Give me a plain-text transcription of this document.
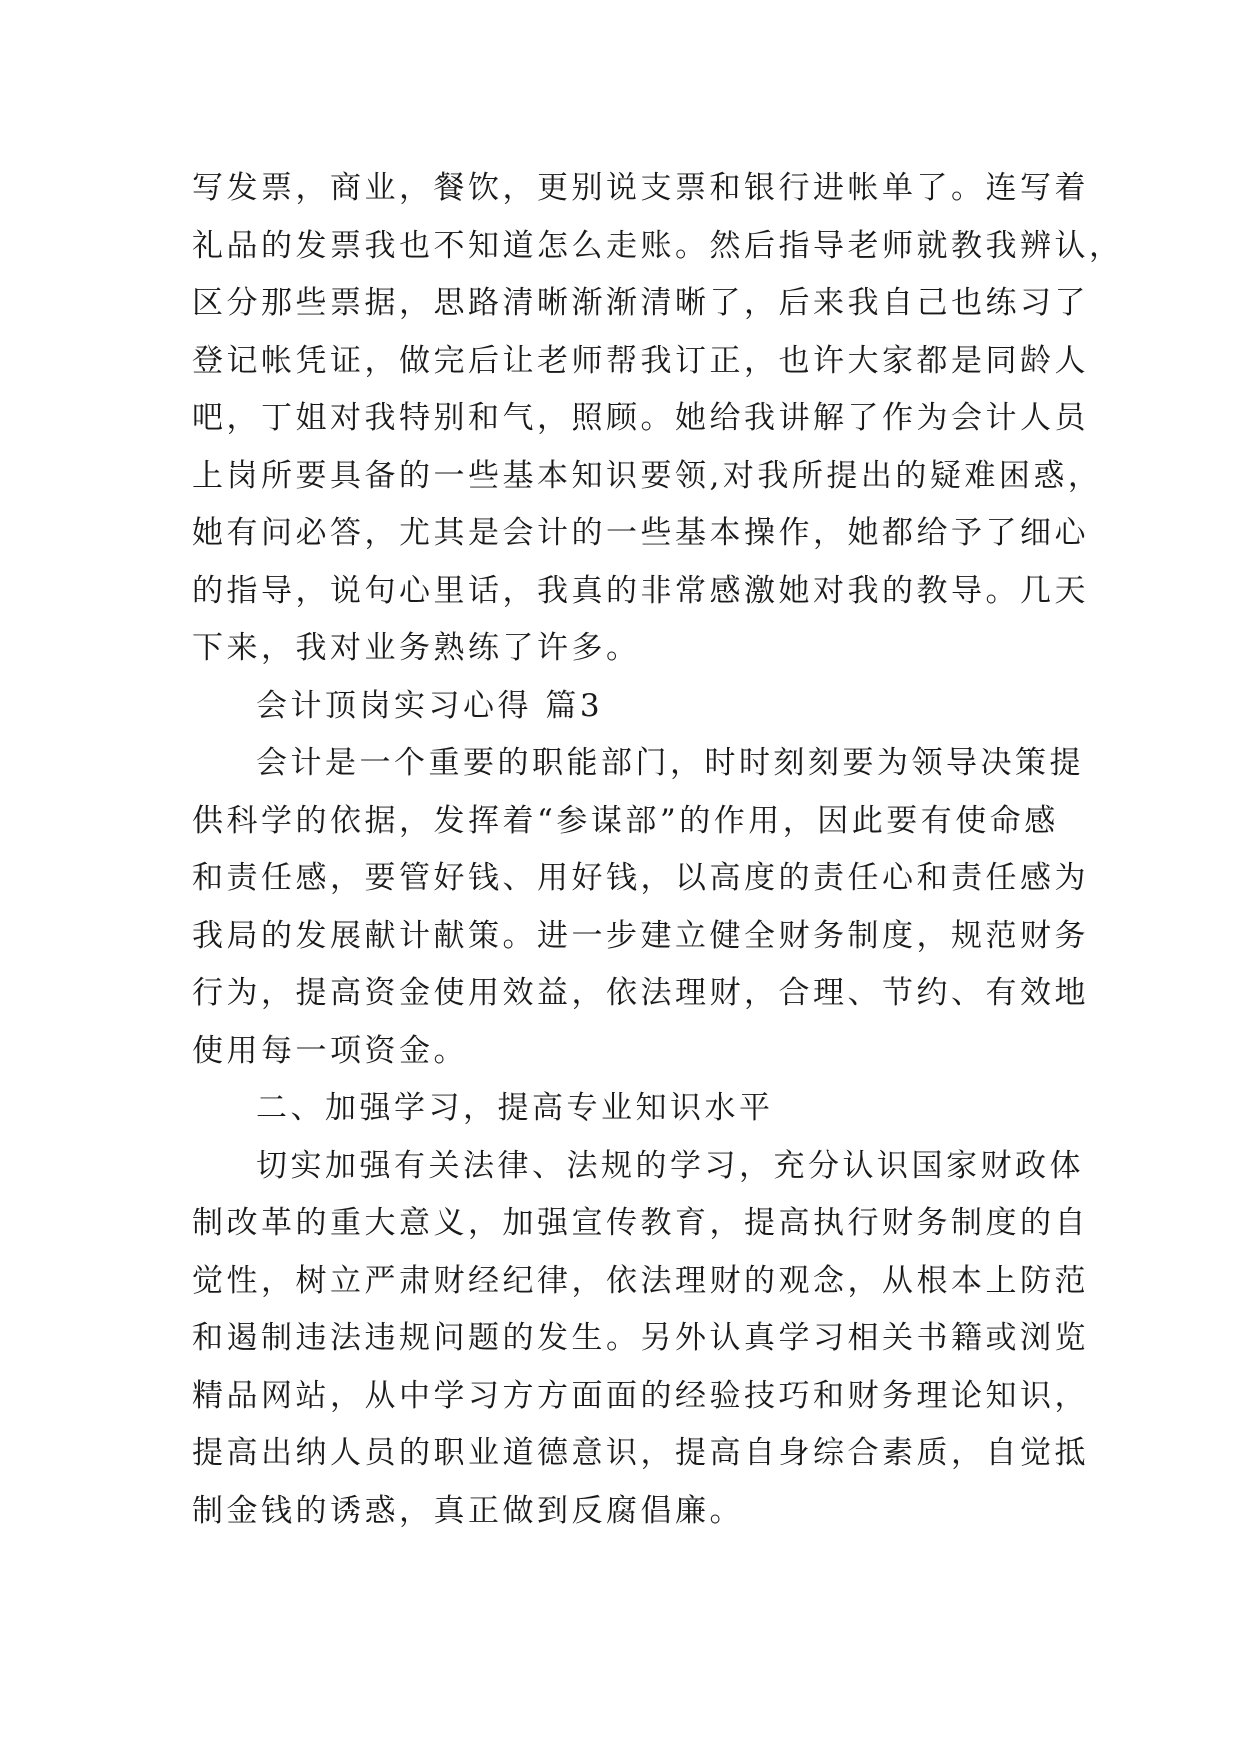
写发票，商业，餐饮，更别说支票和银行进帐单了。连写着
礼品的发票我也不知道怎么走账。然后指导老师就教我辨认，
区分那些票据，思路清晰渐渐清晰了，后来我自己也练习了
登记帐凭证，做完后让老师帮我订正，也许大家都是同龄人
吧，丁姐对我特别和气，照顾。她给我讲解了作为会计人员
上岗所要具备的一些基本知识要领,对我所提出的疑难困惑，
她有问必答，尤其是会计的一些基本操作，她都给予了细心
的指导，说句心里话，我真的非常感激她对我的教导。几天
下来，我对业务熟练了许多。
会计顶岗实习心得 篇3
会计是一个重要的职能部门，时时刻刻要为领导决策提
供科学的依据，发挥着“参谋部”的作用，因此要有使命感
和责任感，要管好钱、用好钱，以高度的责任心和责任感为
我局的发展献计献策。进一步建立健全财务制度，规范财务
行为，提高资金使用效益，依法理财，合理、节约、有效地
使用每一项资金。
二、加强学习，提高专业知识水平
切实加强有关法律、法规的学习，充分认识国家财政体
制改革的重大意义，加强宣传教育，提高执行财务制度的自
觉性，树立严肃财经纪律，依法理财的观念，从根本上防范
和遏制违法违规问题的发生。另外认真学习相关书籍或浏览
精品网站，从中学习方方面面的经验技巧和财务理论知识，
提高出纳人员的职业道德意识，提高自身综合素质，自觉抵
制金钱的诱惑，真正做到反腐倡廉。
